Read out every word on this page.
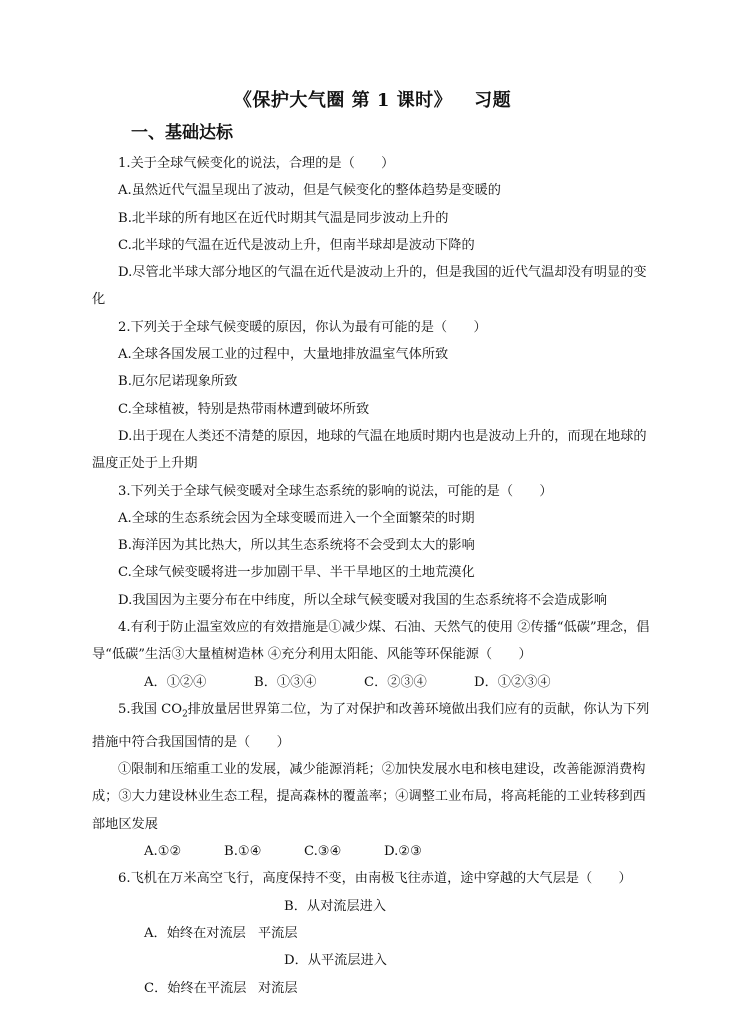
《保护大气圈 第 1 课时》 习题
一、基础达标

1.关于全球气候变化的说法，合理的是（　　）

A.虽然近代气温呈现出了波动，但是气候变化的整体趋势是变暖的

B.北半球的所有地区在近代时期其气温是同步波动上升的

C.北半球的气温在近代是波动上升，但南半球却是波动下降的

D.尽管北半球大部分地区的气温在近代是波动上升的，但是我国的近代气温却没有明显的变化

2.下列关于全球气候变暖的原因，你认为最有可能的是（　　）

A.全球各国发展工业的过程中，大量地排放温室气体所致

B.厄尔尼诺现象所致

C.全球植被，特别是热带雨林遭到破坏所致

D.出于现在人类还不清楚的原因，地球的气温在地质时期内也是波动上升的，而现在地球的温度正处于上升期

3.下列关于全球气候变暖对全球生态系统的影响的说法，可能的是（　　）

A.全球的生态系统会因为全球变暖而进入一个全面繁荣的时期

B.海洋因为其比热大，所以其生态系统将不会受到太大的影响

C.全球气候变暖将进一步加剧干旱、半干旱地区的土地荒漠化

D.我国因为主要分布在中纬度，所以全球气候变暖对我国的生态系统将不会造成影响

4.有利于防止温室效应的有效措施是①减少煤、石油、天然气的使用 ②传播“低碳”理念，倡导“低碳”生活③大量植树造林 ④充分利用太阳能、风能等环保能源（　　）

A．①②④	B．①③④	C．②③④	D．①②③④

5.我国 $CO_2$排放量居世界第二位，为了对保护和改善环境做出我们应有的贡献，你认为下列措施中符合我国国情的是（　　）

①限制和压缩重工业的发展，减少能源消耗；②加快发展水电和核电建设，改善能源消费构成；③大力建设林业生态工程，提高森林的覆盖率；④调整工业布局，将高耗能的工业转移到西部地区发展

A.①②	B.①④	C.③④	D.②③

6.飞机在万米高空飞行，高度保持不变，由南极飞往赤道，途中穿越的大气层是（　　）

A．始终在对流层B．从对流层进入平流层

C．始终在平流层D．从平流层进入对流层
